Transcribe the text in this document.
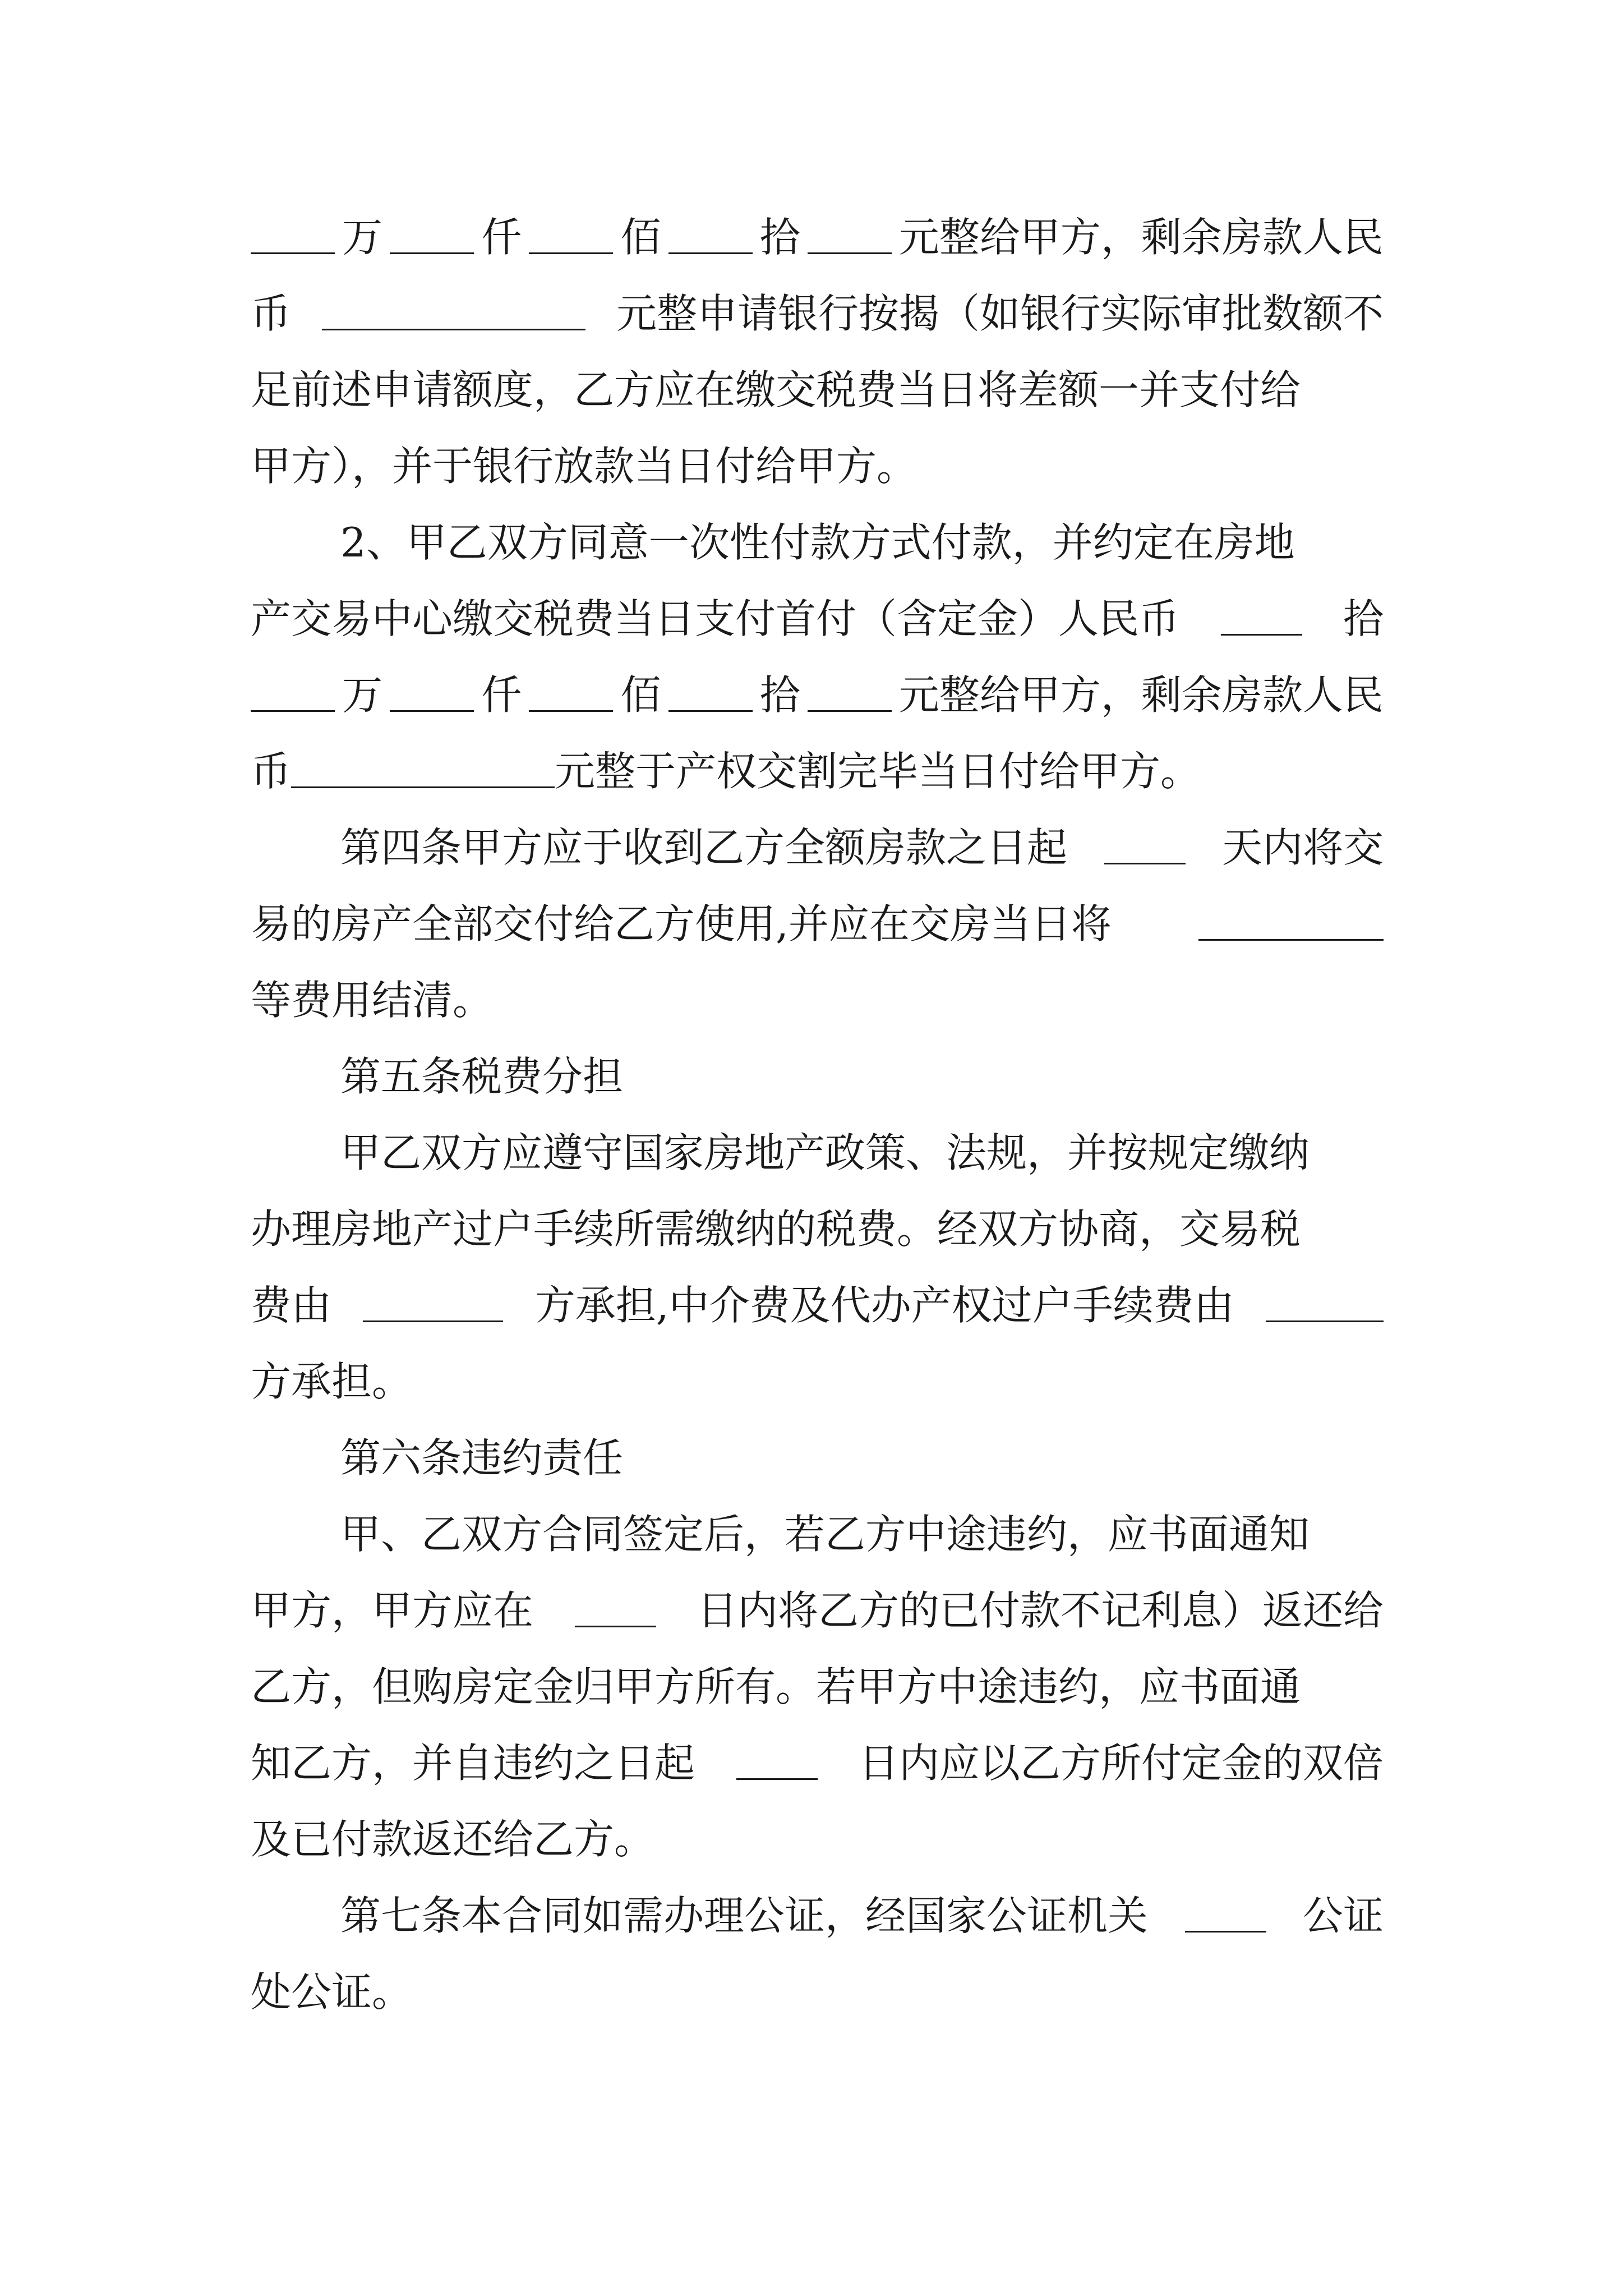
万 仟 佰 拾 元整给甲方，剩余房款人民
币	元整申请银行按揭（如银行实际审批数额不
足前述申请额度，乙方应在缴交税费当日将差额一并支付给
甲方），并于银行放款当日付给甲方。
2、甲乙双方同意一次性付款方式付款，并约定在房地
产交易中心缴交税费当日支付首付（含定金）人民币	拾
万 仟 佰 拾 元整给甲方，剩余房款人民
币	元整于产权交割完毕当日付给甲方。
第四条甲方应于收到乙方全额房款之日起	天内将交
易的房产全部交付给乙方使用,并应在交房当日将
等费用结清。
第五条税费分担
甲乙双方应遵守国家房地产政策、法规，并按规定缴纳
办理房地产过户手续所需缴纳的税费。经双方协商，交易税
费由	方承担,中介费及代办产权过户手续费由
方承担。
第六条违约责任
甲、乙双方合同签定后，若乙方中途违约，应书面通知
甲方，甲方应在	日内将乙方的已付款不记利息）返还给
乙方，但购房定金归甲方所有。若甲方中途违约，应书面通
知乙方，并自违约之日起	日内应以乙方所付定金的双倍
及已付款返还给乙方。
第七条本合同如需办理公证，经国家公证机关	公证
处公证。
